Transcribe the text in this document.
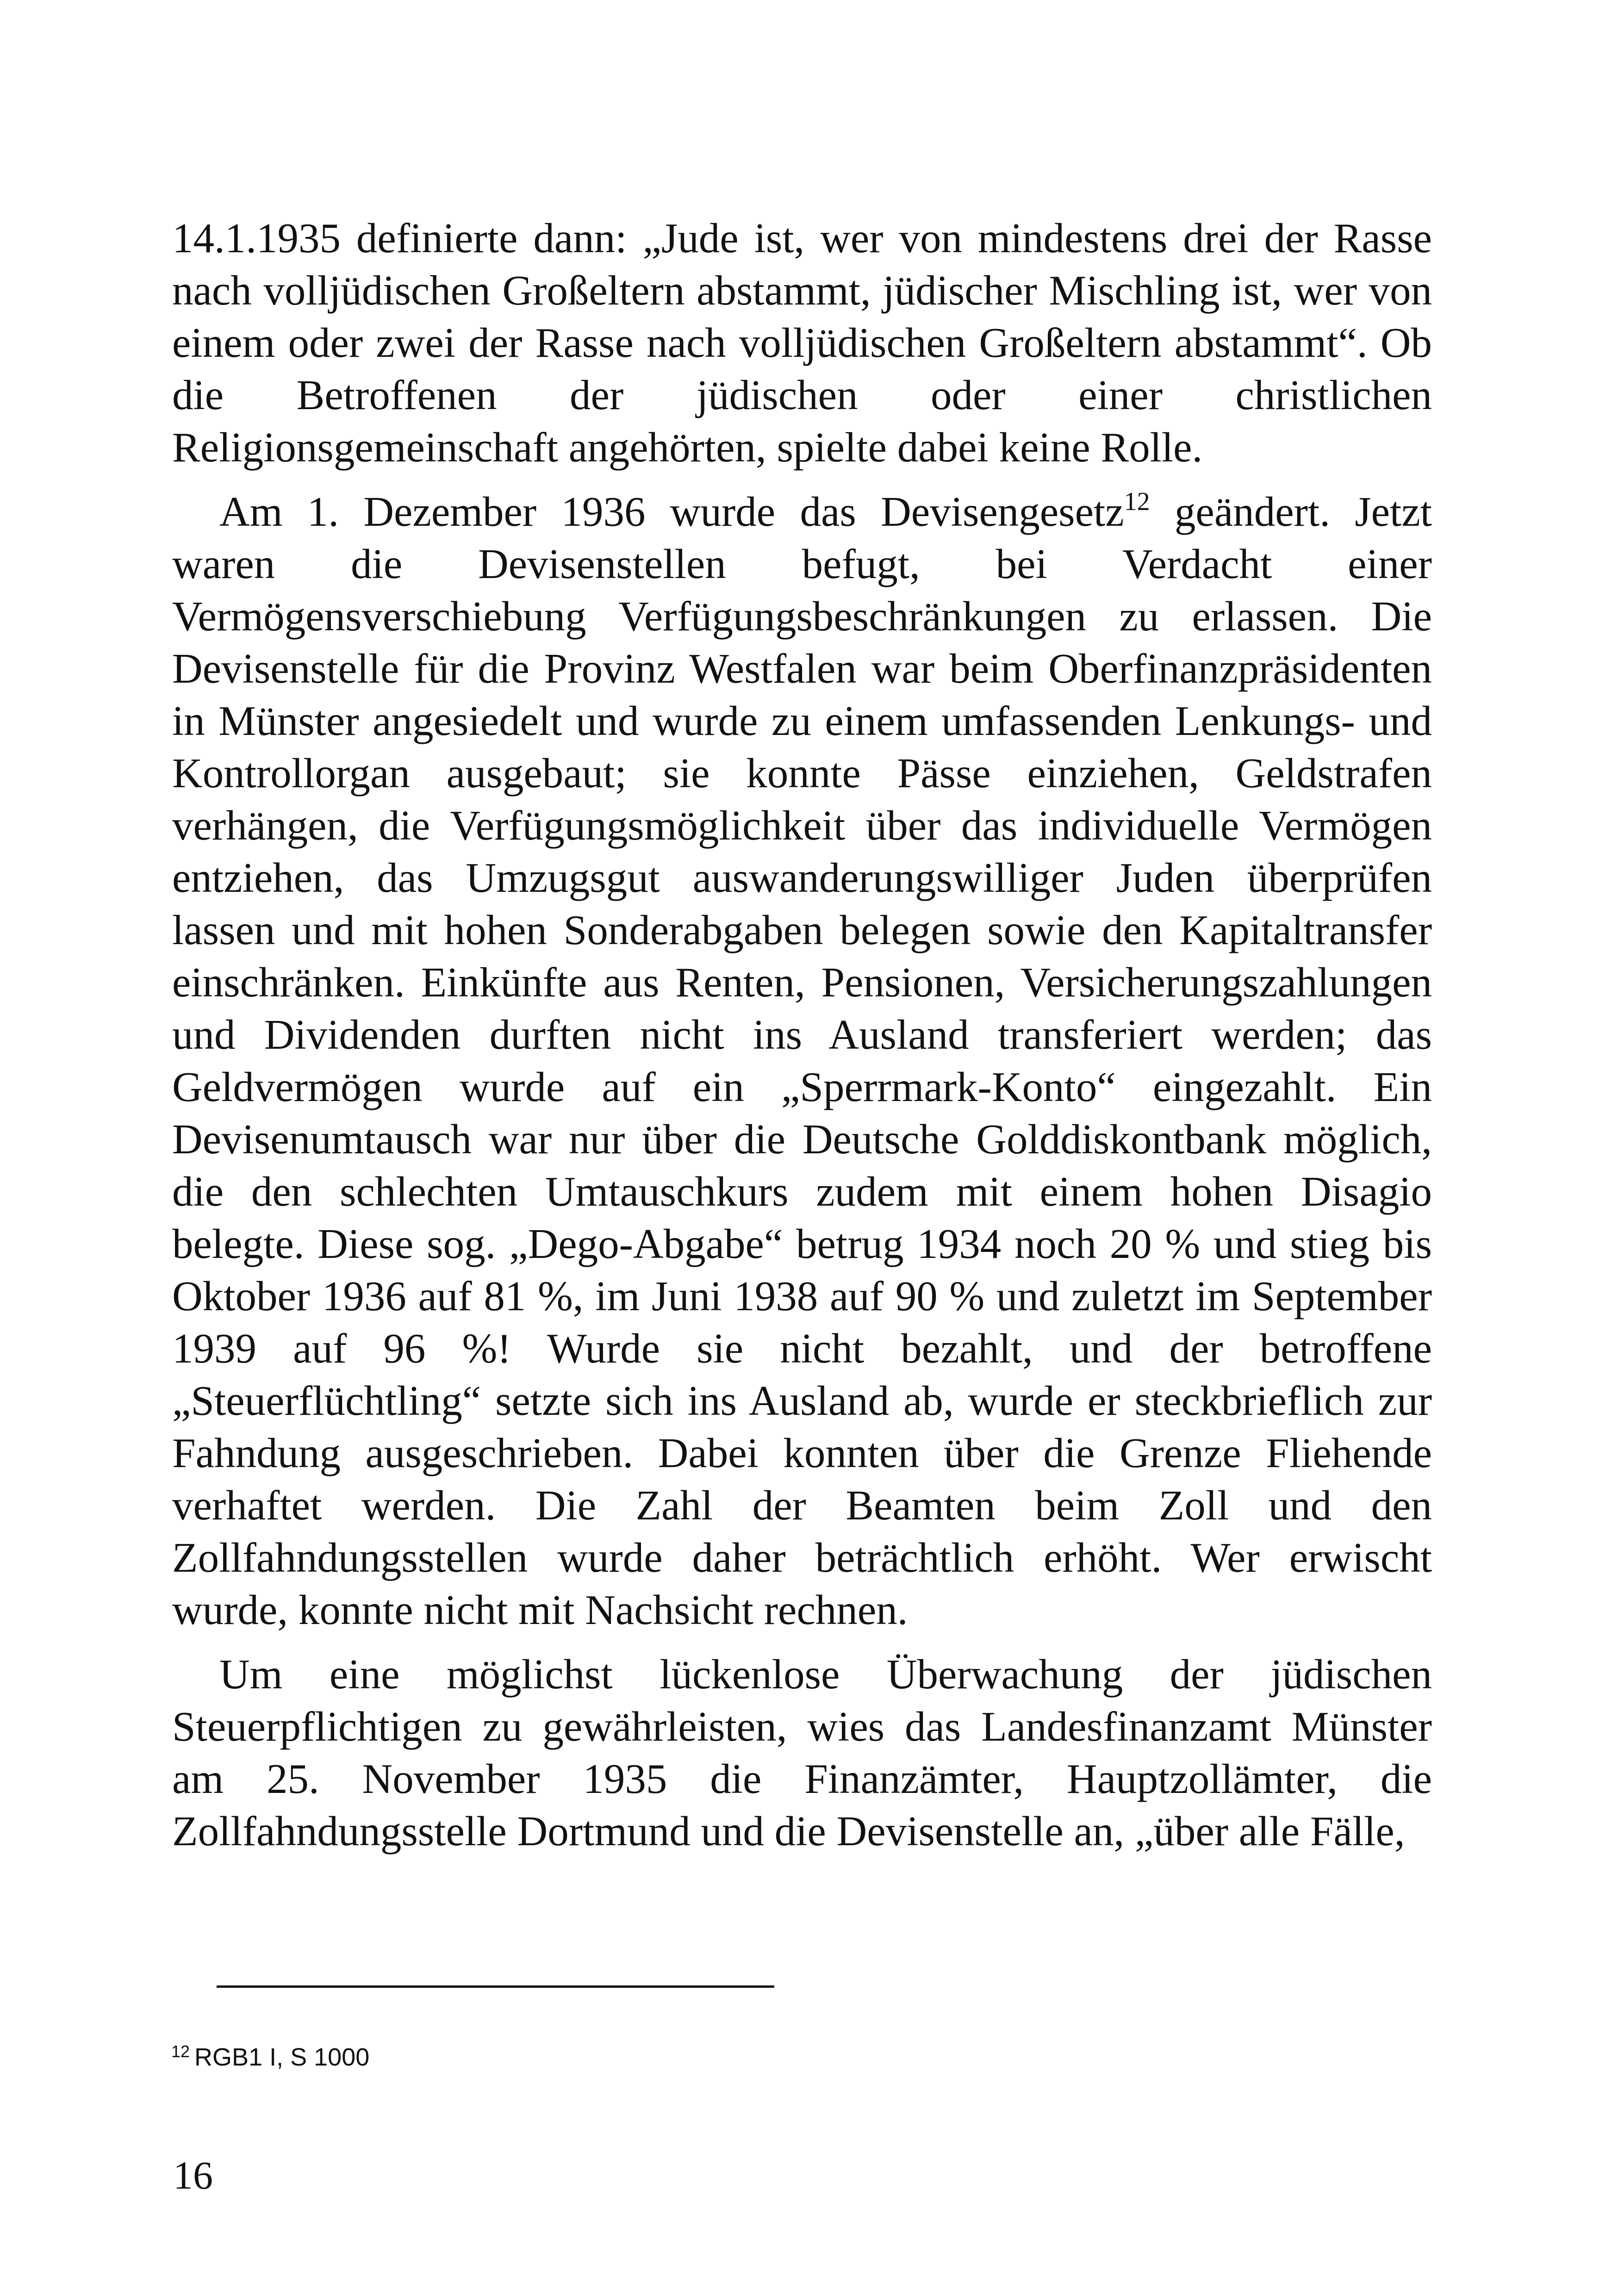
14.1.1935 definierte dann: „Jude ist, wer von mindestens drei der Rasse nach volljüdischen Großeltern abstammt, jüdischer Mischling ist, wer von einem oder zwei der Rasse nach volljüdischen Großeltern abstammt“. Ob die Betroffenen der jüdischen oder einer christlichen Religionsgemeinschaft angehörten, spielte dabei keine Rolle.

Am 1. Dezember 1936 wurde das Devisengesetz$^{12}$ geändert. Jetzt waren die Devisenstellen befugt, bei Verdacht einer Vermögensverschiebung Verfügungsbeschränkungen zu erlassen. Die Devisenstelle für die Provinz Westfalen war beim Oberfinanzpräsidenten in Münster angesiedelt und wurde zu einem umfassenden Lenkungs- und Kontrollorgan ausgebaut; sie konnte Pässe einziehen, Geldstrafen verhängen, die Verfügungsmöglichkeit über das individuelle Vermögen entziehen, das Umzugsgut auswanderungswilliger Juden überprüfen lassen und mit hohen Sonderabgaben belegen sowie den Kapitaltransfer einschränken. Einkünfte aus Renten, Pensionen, Versicherungszahlungen und Dividenden durften nicht ins Ausland transferiert werden; das Geldvermögen wurde auf ein „Sperrmark-Konto“ eingezahlt. Ein Devisenumtausch war nur über die Deutsche Golddiskontbank möglich, die den schlechten Umtauschkurs zudem mit einem hohen Disagio belegte. Diese sog. „Dego-Abgabe“ betrug 1934 noch 20 % und stieg bis Oktober 1936 auf 81 %, im Juni 1938 auf 90 % und zuletzt im September 1939 auf 96 %! Wurde sie nicht bezahlt, und der betroffene „Steuerflüchtling“ setzte sich ins Ausland ab, wurde er steckbrieflich zur Fahndung ausgeschrieben. Dabei konnten über die Grenze Fliehende verhaftet werden. Die Zahl der Beamten beim Zoll und den Zollfahndungsstellen wurde daher beträchtlich erhöht. Wer erwischt wurde, konnte nicht mit Nachsicht rechnen.

Um eine möglichst lückenlose Überwachung der jüdischen Steuerpflichtigen zu gewährleisten, wies das Landesfinanzamt Münster am 25. November 1935 die Finanzämter, Hauptzollämter, die Zollfahndungsstelle Dortmund und die Devisenstelle an, „über alle Fälle,

$^{12}$ RGB1 I, S 1000
16
